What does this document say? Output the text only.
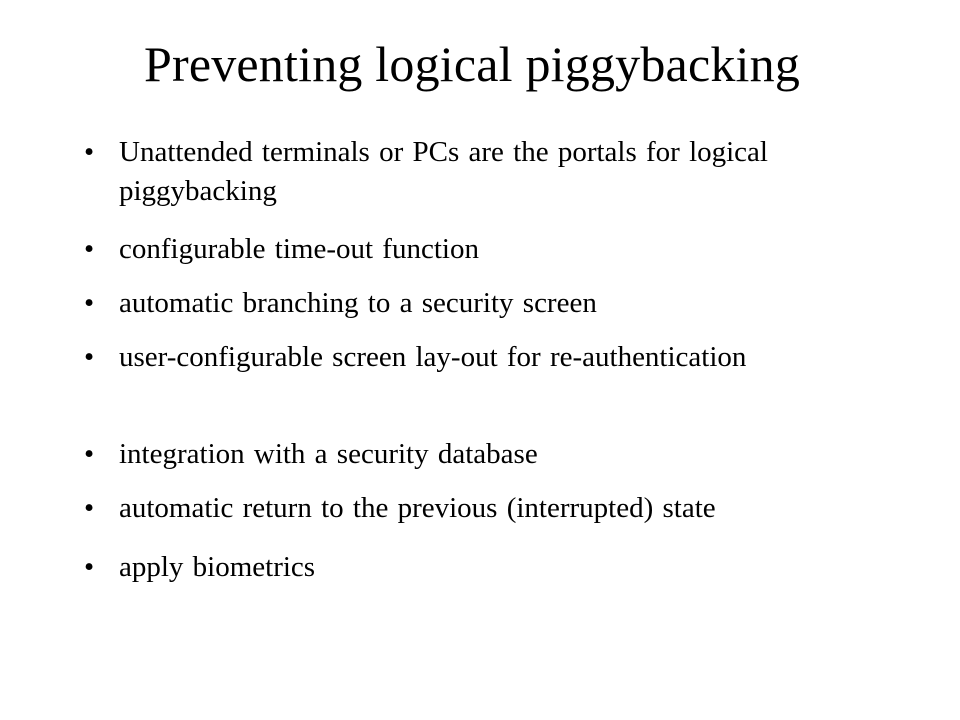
Preventing logical piggybacking
• Unattended terminals or PCs are the portals for logical piggybacking
• configurable time-out function
• automatic branching to a security screen
• user-configurable screen lay-out for re-authentication
• integration with a security database
• automatic return to the previous (interrupted) state
• apply biometrics
